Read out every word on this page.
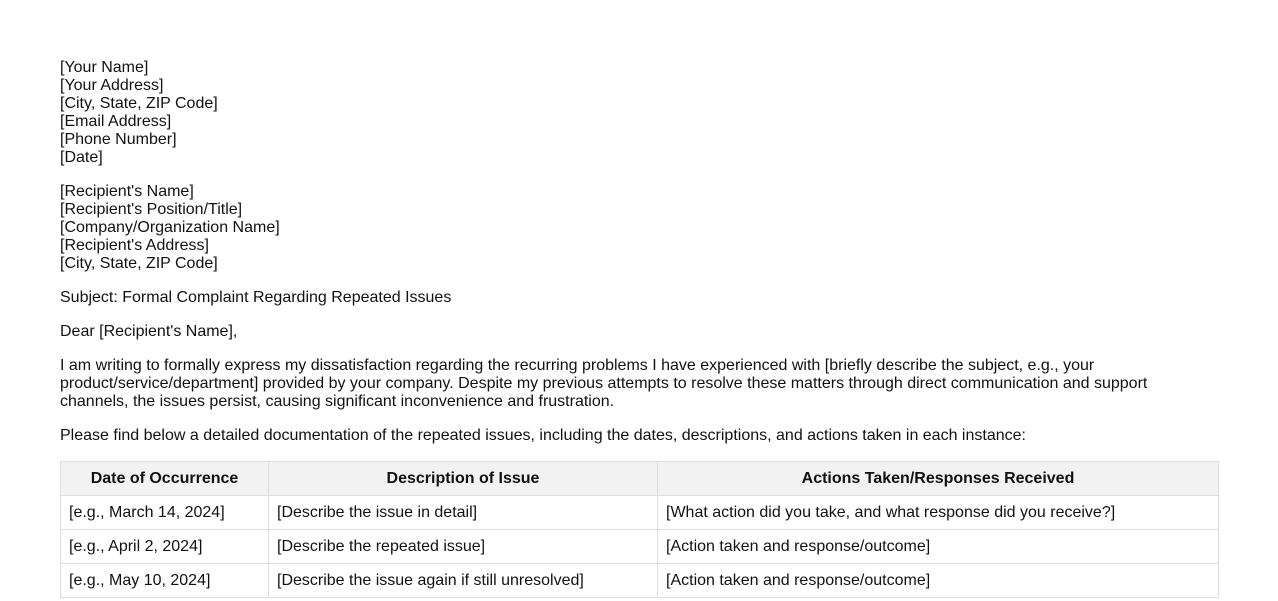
[Your Name]
[Your Address]
[City, State, ZIP Code]
[Email Address]
[Phone Number]
[Date]
[Recipient's Name]
[Recipient's Position/Title]
[Company/Organization Name]
[Recipient's Address]
[City, State, ZIP Code]

Subject: Formal Complaint Regarding Repeated Issues

Dear [Recipient's Name],

I am writing to formally express my dissatisfaction regarding the recurring problems I have experienced with [briefly describe the subject, e.g., your product/service/department] provided by your company. Despite my previous attempts to resolve these matters through direct communication and support channels, the issues persist, causing significant inconvenience and frustration.

Please find below a detailed documentation of the repeated issues, including the dates, descriptions, and actions taken in each instance:

Date of Occurrence	Description of Issue	Actions Taken/Responses Received
[e.g., March 14, 2024]	[Describe the issue in detail]	[What action did you take, and what response did you receive?]
[e.g., April 2, 2024]	[Describe the repeated issue]	[Action taken and response/outcome]
[e.g., May 10, 2024]	[Describe the issue again if still unresolved]	[Action taken and response/outcome]
